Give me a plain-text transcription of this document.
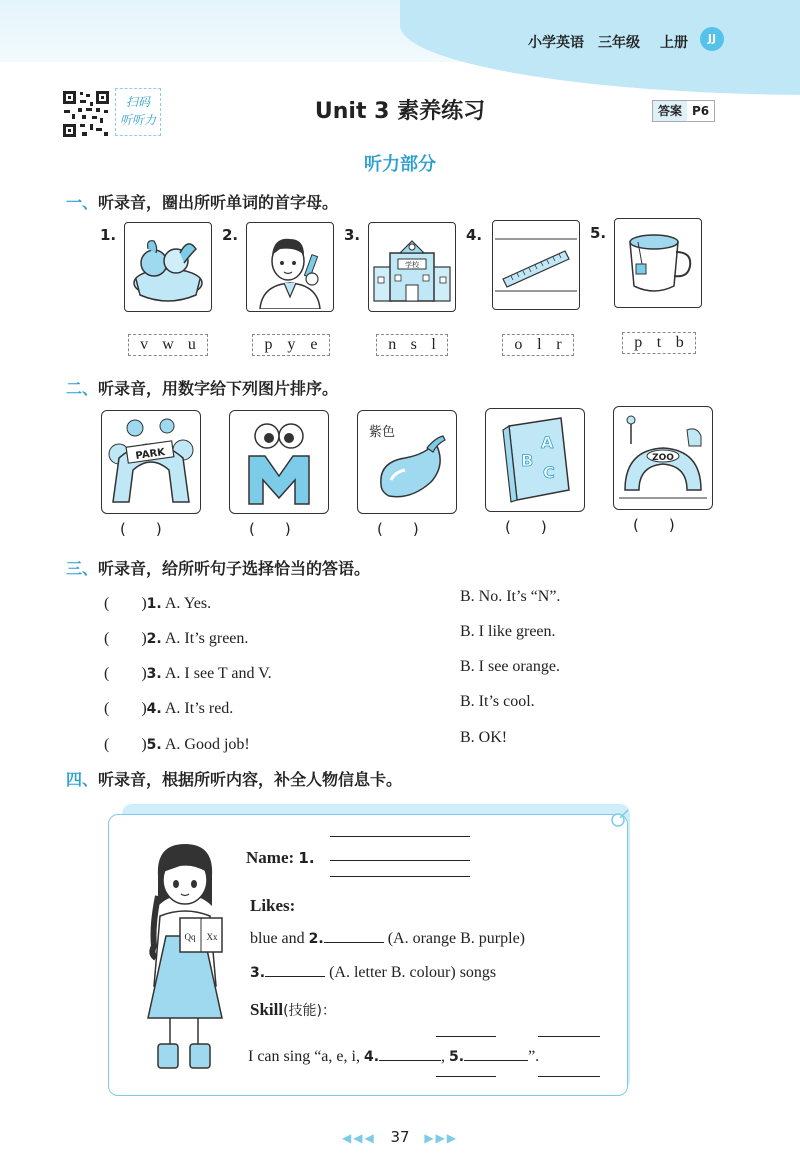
小学英语 三年级 上册	JJ
扫码
听听力	Unit 3 素养练习	答案 P6
听力部分
一、听录音，圈出所听单词的首字母。
1.
v w u
2.
p y e
3.
学校
n s l
4.
o l r
5.
p t b
二、听录音，用数字给下列图片排序。
PARK
M
紫色
A
B
C
ZOO
(　　)	(　　)	(　　)	(　　)	(　　)
三、听录音，给所听句子选择恰当的答语。
(　　)1. A. Yes.	B. No. It’s “N”.
(　　)2. A. It’s green.	B. I like green.
(　　)3. A. I see T and V.	B. I see orange.
(　　)4. A. It’s red.	B. It’s cool.
(　　)5. A. Good job!	B. OK!
四、听录音，根据所听内容，补全人物信息卡。
Qq Xx
Name: 1.
Likes:
blue and 2.	(A. orange B. purple)
3.	(A. letter B. colour) songs
Skill(技能)：
I can sing “a, e, i, 4.	, 5.	”.
◀◀◀ 37 ▶▶▶
